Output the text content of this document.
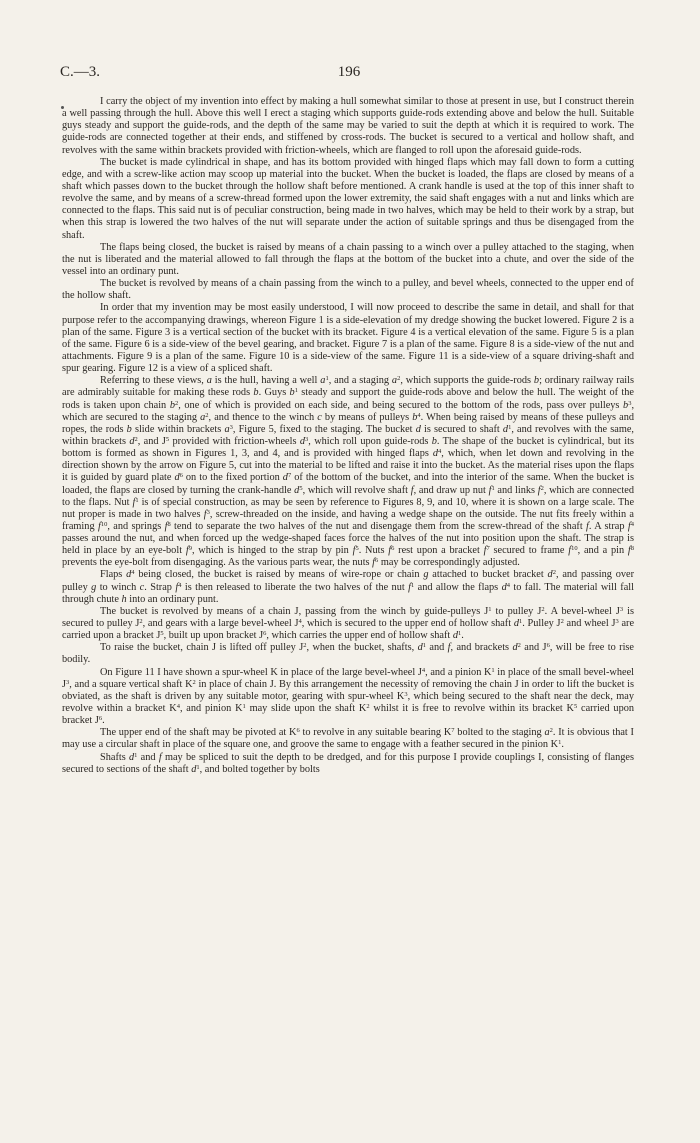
C.—3.	196

I carry the object of my invention into effect by making a hull somewhat similar to those at present in use, but I construct therein a well passing through the hull. Above this well I erect a staging which supports guide-rods extending above and below the hull. Suitable guys steady and support the guide-rods, and the depth of the same may be varied to suit the depth at which it is required to work. The guide-rods are connected together at their ends, and stiffened by cross-rods. The bucket is secured to a vertical and hollow shaft, and revolves with the same within brackets provided with friction-wheels, which are flanged to roll upon the aforesaid guide-rods.

The bucket is made cylindrical in shape, and has its bottom provided with hinged flaps which may fall down to form a cutting edge, and with a screw-like action may scoop up material into the bucket. When the bucket is loaded, the flaps are closed by means of a shaft which passes down to the bucket through the hollow shaft before mentioned. A crank handle is used at the top of this inner shaft to revolve the same, and by means of a screw-thread formed upon the lower extremity, the said shaft engages with a nut and links which are connected to the flaps. This said nut is of peculiar construction, being made in two halves, which may be held to their work by a strap, but when this strap is lowered the two halves of the nut will separate under the action of suitable springs and thus be disengaged from the shaft.

The flaps being closed, the bucket is raised by means of a chain passing to a winch over a pulley attached to the staging, when the nut is liberated and the material allowed to fall through the flaps at the bottom of the bucket into a chute, and over the side of the vessel into an ordinary punt.

The bucket is revolved by means of a chain passing from the winch to a pulley, and bevel wheels, connected to the upper end of the hollow shaft.

In order that my invention may be most easily understood, I will now proceed to describe the same in detail, and shall for that purpose refer to the accompanying drawings, whereon Figure 1 is a side-elevation of my dredge showing the bucket lowered. Figure 2 is a plan of the same. Figure 3 is a vertical section of the bucket with its bracket. Figure 4 is a vertical elevation of the same. Figure 5 is a plan of the same. Figure 6 is a side-view of the bevel gearing, and bracket. Figure 7 is a plan of the same. Figure 8 is a side-view of the nut and attachments. Figure 9 is a plan of the same. Figure 10 is a side-view of the same. Figure 11 is a side-view of a square driving-shaft and spur gearing. Figure 12 is a view of a spliced shaft.

Referring to these views, a is the hull, having a well $a^1$, and a staging $a^2$, which supports the guide-rods b; ordinary railway rails are admirably suitable for making these rods b. Guys $b^1$ steady and support the guide-rods above and below the hull. The weight of the rods is taken upon chain $b^2$, one of which is provided on each side, and being secured to the bottom of the rods, pass over pulleys $b^3$, which are secured to the staging $a^2$, and thence to the winch c by means of pulleys $b^4$. When being raised by means of these pulleys and ropes, the rods b slide within brackets $a^3$, Figure 5, fixed to the staging. The bucket d is secured to shaft $d^1$, and revolves with the same, within brackets $d^2$, and $J^5$ provided with friction-wheels $d^3$, which roll upon guide-rods b. The shape of the bucket is cylindrical, but its bottom is formed as shown in Figures 1, 3, and 4, and is provided with hinged flaps $d^4$, which, when let down and revolving in the direction shown by the arrow on Figure 5, cut into the material to be lifted and raise it into the bucket. As the material rises upon the flaps it is guided by guard plate $d^6$ on to the fixed portion $d^7$ of the bottom of the bucket, and into the interior of the same. When the bucket is loaded, the flaps are closed by turning the crank-handle $d^5$, which will revolve shaft f, and draw up nut $f^1$ and links $f^2$, which are connected to the flaps. Nut $f^1$ is of special construction, as may be seen by reference to Figures 8, 9, and 10, where it is shown on a large scale. The nut proper is made in two halves $f^3$, screw-threaded on the inside, and having a wedge shape on the outside. The nut fits freely within a framing $f^{10}$, and springs $f^8$ tend to separate the two halves of the nut and disengage them from the screw-thread of the shaft f. A strap $f^4$ passes around the nut, and when forced up the wedge-shaped faces force the halves of the nut into position upon the shaft. The strap is held in place by an eye-bolt $f^9$, which is hinged to the strap by pin $f^5$. Nuts $f^6$ rest upon a bracket $f^7$ secured to frame $f^{10}$, and a pin $f^8$ prevents the eye-bolt from disengaging. As the various parts wear, the nuts $f^6$ may be correspondingly adjusted.

Flaps $d^4$ being closed, the bucket is raised by means of wire-rope or chain g attached to bucket bracket $d^2$, and passing over pulley g to winch c. Strap $f^4$ is then released to liberate the two halves of the nut $f^1$ and allow the flaps $d^4$ to fall. The material will fall through chute h into an ordinary punt.

The bucket is revolved by means of a chain J, passing from the winch by guide-pulleys $J^1$ to pulley $J^2$. A bevel-wheel $J^3$ is secured to pulley $J^2$, and gears with a large bevel-wheel $J^4$, which is secured to the upper end of hollow shaft $d^1$. Pulley $J^2$ and wheel $J^3$ are carried upon a bracket $J^5$, built up upon bracket $J^6$, which carries the upper end of hollow shaft $d^1$.

To raise the bucket, chain J is lifted off pulley $J^2$, when the bucket, shafts, $d^1$ and f, and brackets $d^2$ and $J^6$, will be free to rise bodily.

On Figure 11 I have shown a spur-wheel K in place of the large bevel-wheel $J^4$, and a pinion $K^1$ in place of the small bevel-wheel $J^3$, and a square vertical shaft $K^2$ in place of chain J. By this arrangement the necessity of removing the chain J in order to lift the bucket is obviated, as the shaft is driven by any suitable motor, gearing with spur-wheel $K^3$, which being secured to the shaft near the deck, may revolve within a bracket $K^4$, and pinion $K^1$ may slide upon the shaft $K^2$ whilst it is free to revolve within its bracket $K^5$ carried upon bracket $J^6$.

The upper end of the shaft may be pivoted at $K^6$ to revolve in any suitable bearing $K^7$ bolted to the staging $a^2$. It is obvious that I may use a circular shaft in place of the square one, and groove the same to engage with a feather secured in the pinion $K^1$.

Shafts $d^1$ and f may be spliced to suit the depth to be dredged, and for this purpose I provide couplings I, consisting of flanges secured to sections of the shaft $d^1$, and bolted together by bolts
